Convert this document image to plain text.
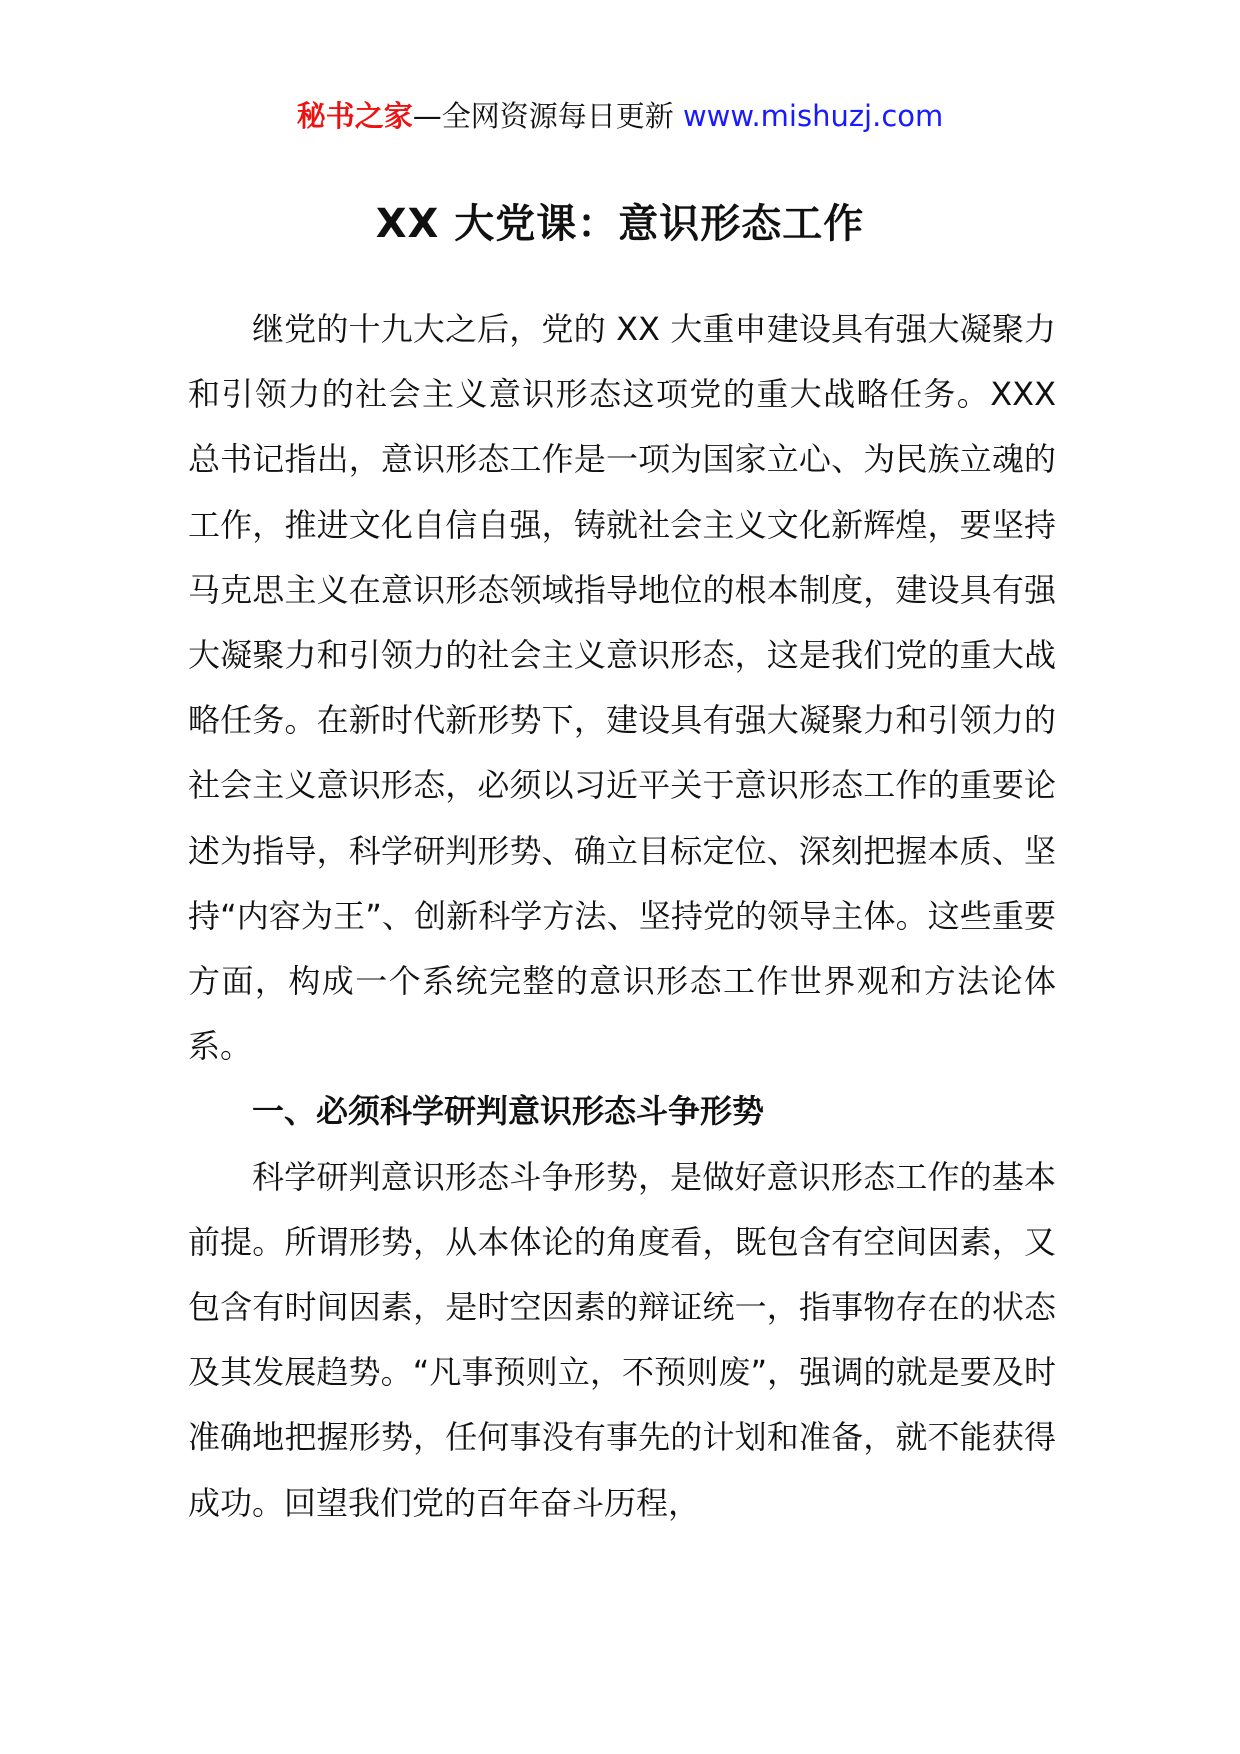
秘书之家—全网资源每日更新 www.mishuzj.com
XX 大党课：意识形态工作

继党的十九大之后，党的 XX 大重申建设具有强大凝聚力和引领力的社会主义意识形态这项党的重大战略任务。XXX 总书记指出，意识形态工作是一项为国家立心、为民族立魂的工作，推进文化自信自强，铸就社会主义文化新辉煌，要坚持马克思主义在意识形态领域指导地位的根本制度，建设具有强大凝聚力和引领力的社会主义意识形态，这是我们党的重大战略任务。在新时代新形势下，建设具有强大凝聚力和引领力的社会主义意识形态，必须以习近平关于意识形态工作的重要论述为指导，科学研判形势、确立目标定位、深刻把握本质、坚持“内容为王”、创新科学方法、坚持党的领导主体。这些重要方面，构成一个系统完整的意识形态工作世界观和方法论体系。

一、必须科学研判意识形态斗争形势

科学研判意识形态斗争形势，是做好意识形态工作的基本前提。所谓形势，从本体论的角度看，既包含有空间因素，又包含有时间因素，是时空因素的辩证统一，指事物存在的状态及其发展趋势。“凡事预则立，不预则废”，强调的就是要及时准确地把握形势，任何事没有事先的计划和准备，就不能获得成功。回望我们党的百年奋斗历程，
